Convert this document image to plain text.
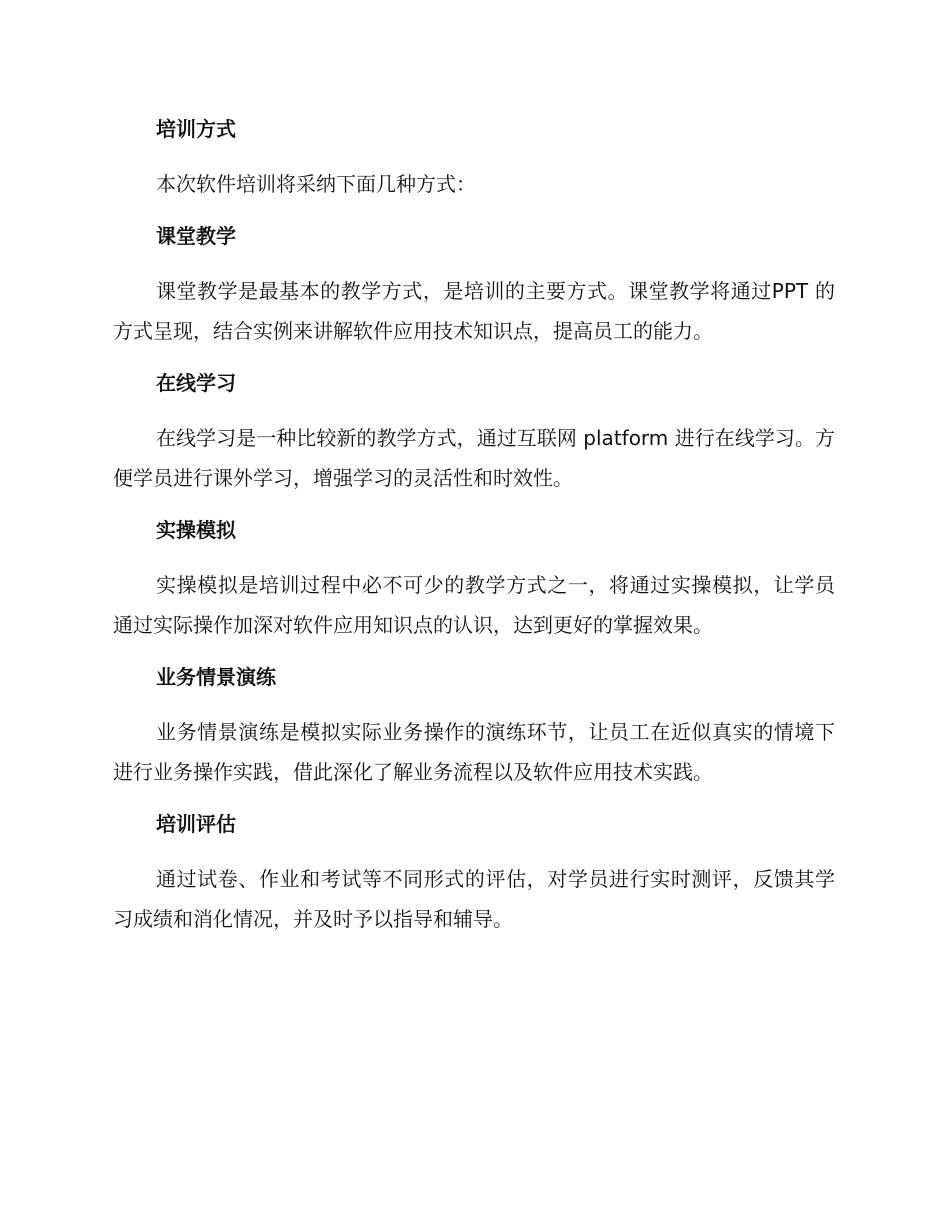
培训方式

本次软件培训将采纳下面几种方式：

课堂教学

课堂教学是最基本的教学方式，是培训的主要方式。课堂教学将通过PPT 的方式呈现，结合实例来讲解软件应用技术知识点，提高员工的能力。

在线学习

在线学习是一种比较新的教学方式，通过互联网 platform 进行在线学习。方便学员进行课外学习，增强学习的灵活性和时效性。

实操模拟

实操模拟是培训过程中必不可少的教学方式之一，将通过实操模拟，让学员通过实际操作加深对软件应用知识点的认识，达到更好的掌握效果。

业务情景演练

业务情景演练是模拟实际业务操作的演练环节，让员工在近似真实的情境下进行业务操作实践，借此深化了解业务流程以及软件应用技术实践。

培训评估

通过试卷、作业和考试等不同形式的评估，对学员进行实时测评，反馈其学习成绩和消化情况，并及时予以指导和辅导。
